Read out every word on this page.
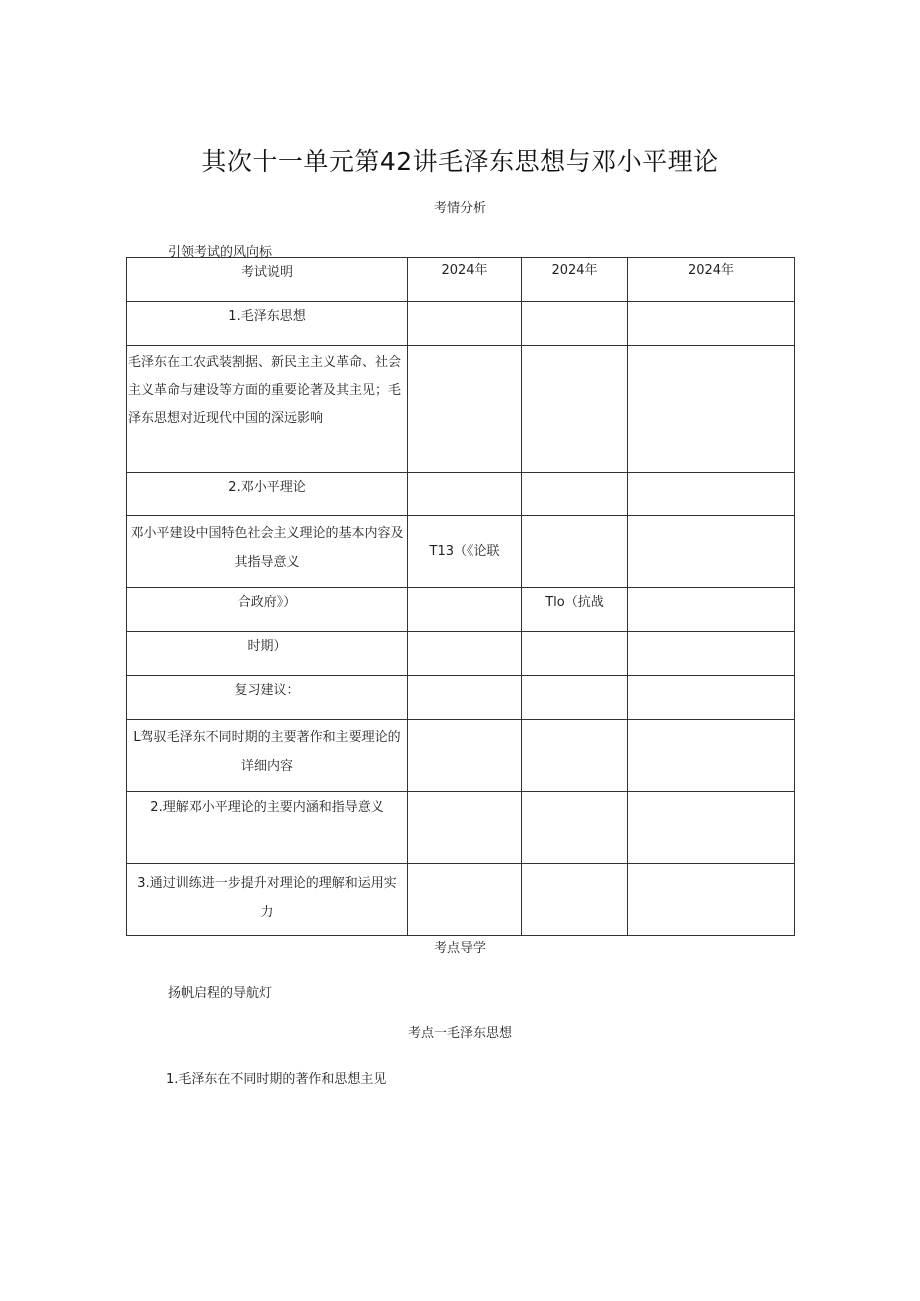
其次十一单元第42讲毛泽东思想与邓小平理论
考情分析
引领考试的风向标
考试说明	2024年	2024年	2024年
1.毛泽东思想			
毛泽东在工农武装割据、新民主主义革命、社会主义革命与建设等方面的重要论著及其主见；毛泽东思想对近现代中国的深远影响			
2.邓小平理论			
邓小平建设中国特色社会主义理论的基本内容及其指导意义	T13（《论联		
合政府》）		Tlo（抗战	
时期）			
复习建议：			
L驾驭毛泽东不同时期的主要著作和主要理论的详细内容			
2.理解邓小平理论的主要内涵和指导意义			
3.通过训练进一步提升对理论的理解和运用实力			
考点导学
扬帆启程的导航灯
考点一毛泽东思想
1.毛泽东在不同时期的著作和思想主见
